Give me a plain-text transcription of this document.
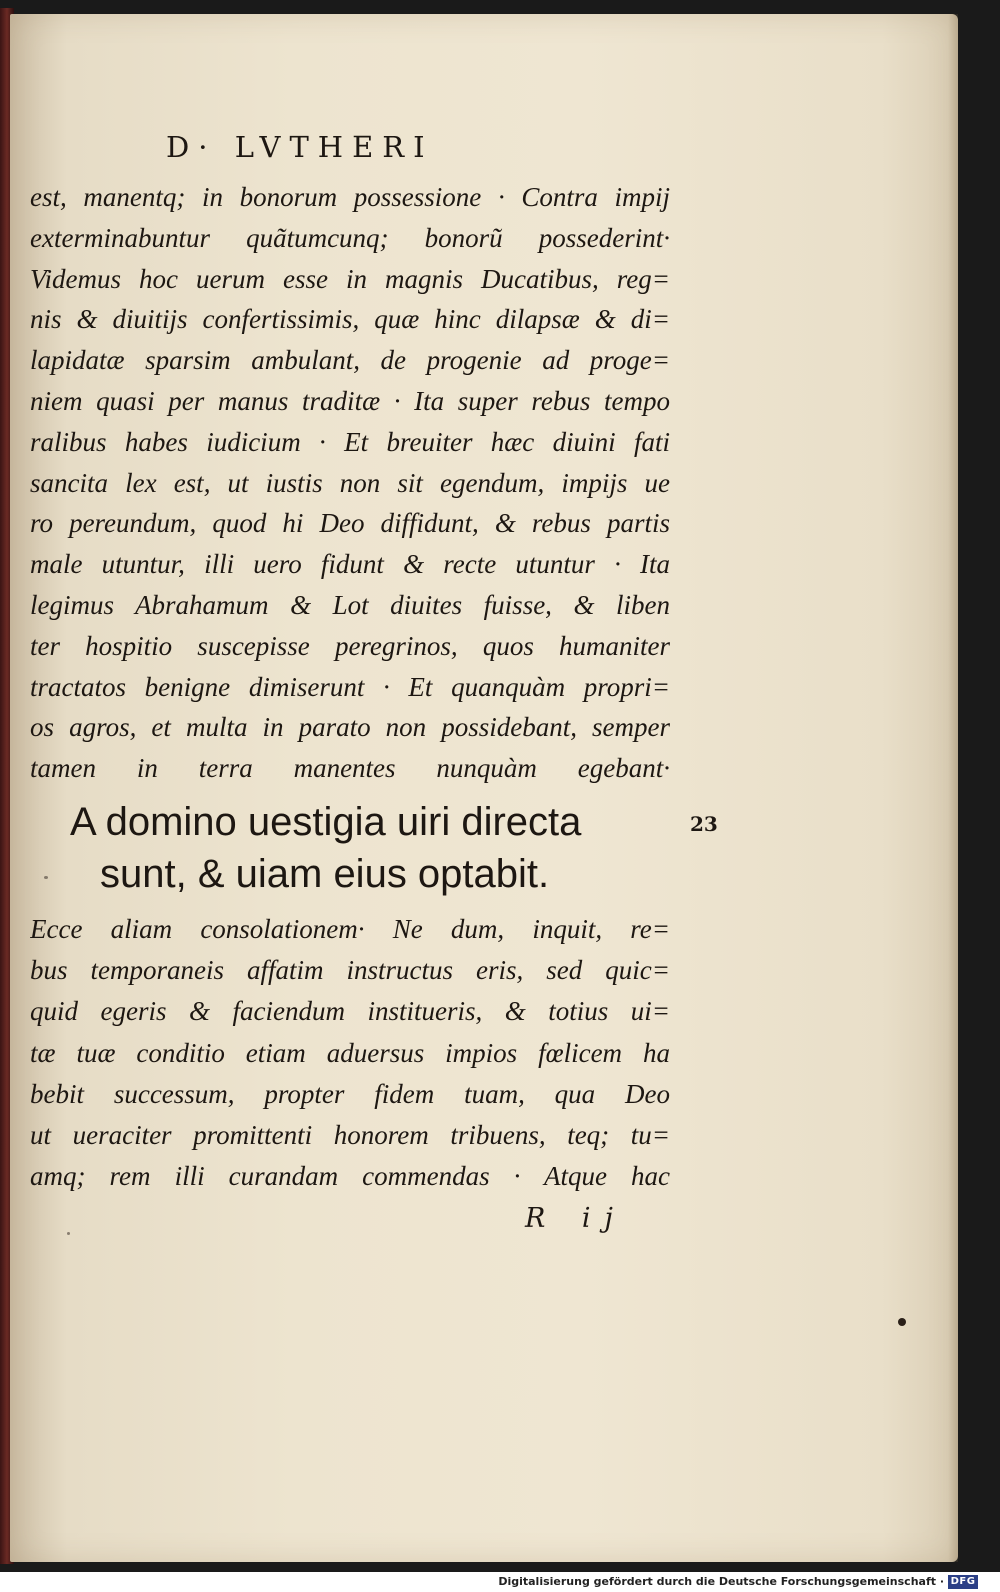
D· LVTHERI
est, manentq; in bonorum possessione · Contra impij
exterminabuntur quãtumcunq; bonorũ possederint·
Videmus hoc uerum esse in magnis Ducatibus, reg=
nis & diuitijs confertissimis, quæ hinc dilapsæ & di=
lapidatæ sparsim ambulant, de progenie ad proge=
niem quasi per manus traditæ · Ita super rebus tempo
ralibus habes iudicium · Et breuiter hæc diuini fati
sancita lex est, ut iustis non sit egendum, impijs ue
ro pereundum, quod hi Deo diffidunt, & rebus partis
male utuntur, illi uero fidunt & recte utuntur · Ita
legimus Abrahamum & Lot diuites fuisse, & liben
ter hospitio suscepisse peregrinos, quos humaniter
tractatos benigne dimiserunt · Et quanquàm propri=
os agros, et multa in parato non possidebant, semper
tamen in terra manentes nunquàm egebant·
A domino uestigia uiri directa
sunt, & uiam eius optabit.
23
Ecce aliam consolationem· Ne dum, inquit, re=
bus temporaneis affatim instructus eris, sed quic=
quid egeris & faciendum institueris, & totius ui=
tæ tuæ conditio etiam aduersus impios fœlicem ha
bebit successum, propter fidem tuam, qua Deo
ut ueraciter promittenti honorem tribuens, teq; tu=
amq; rem illi curandam commendas · Atque hac
R ij
Digitalisierung gefördert durch die Deutsche Forschungsgemeinschaft · DFG
